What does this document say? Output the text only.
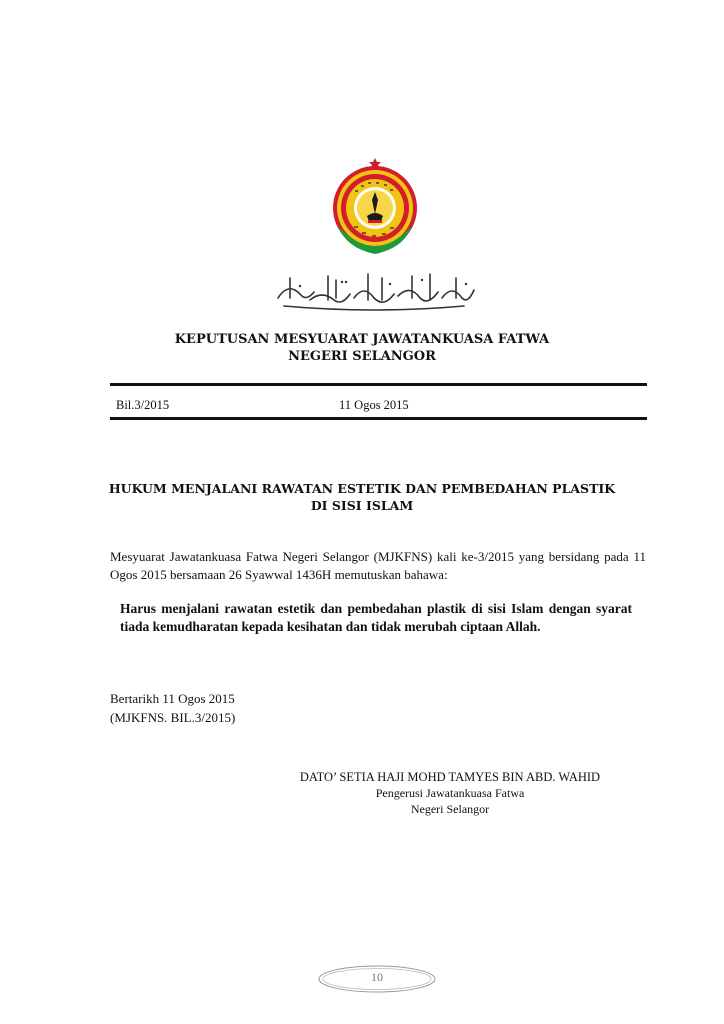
KEPUTUSAN MESYUARAT JAWATANKUASA FATWA
NEGERI SELANGOR
Bil.3/2015	11 Ogos 2015
HUKUM MENJALANI RAWATAN ESTETIK DAN PEMBEDAHAN PLASTIK
DI SISI ISLAM
Mesyuarat Jawatankuasa Fatwa Negeri Selangor (MJKFNS) kali ke-3/2015 yang bersidang pada 11 Ogos 2015 bersamaan 26 Syawwal 1436H memutuskan bahawa:
Harus menjalani rawatan estetik dan pembedahan plastik di sisi Islam dengan syarat tiada kemudharatan kepada kesihatan dan tidak merubah ciptaan Allah.
Bertarikh 11 Ogos 2015
(MJKFNS. BIL.3/2015)
DATO’ SETIA HAJI MOHD TAMYES BIN ABD. WAHID
Pengerusi Jawatankuasa Fatwa
Negeri Selangor
10
